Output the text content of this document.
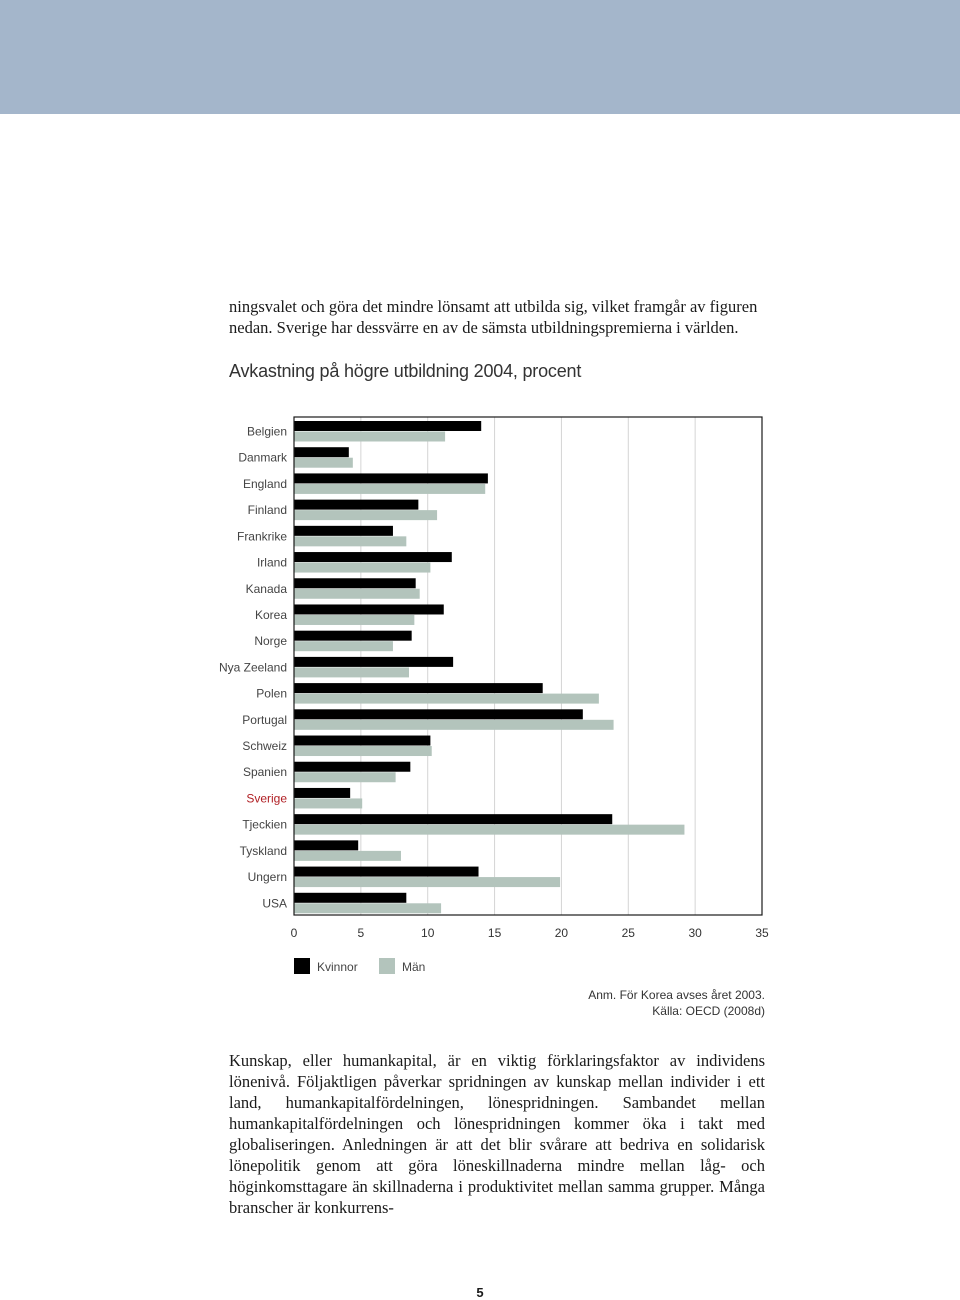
ningsvalet och göra det mindre lönsamt att utbilda sig, vilket framgår av figuren nedan. Sverige har dessvärre en av de sämsta utbildningspremierna i världen.

Avkastning på högre utbildning 2004, procent
Belgien
Danmark
England
Finland
Frankrike
Irland
Kanada
Korea
Norge
Nya Zeeland
Polen
Portugal
Schweiz
Spanien
Sverige
Tjeckien
Tyskland
Ungern
USA
0	5	10	15	20	25	30	35
Kvinnor	Män
Anm. För Korea avses året 2003.
Källa: OECD (2008d)

Kunskap, eller humankapital, är en viktig förklaringsfaktor av individens lönenivå. Följaktligen påverkar spridningen av kunskap mellan individer i ett land, humankapitalfördelningen, lönespridningen. Sambandet mellan humankapitalfördelningen och lönespridningen kommer öka i takt med globaliseringen. Anledningen är att det blir svårare att bedriva en solidarisk lönepolitik genom att göra löneskillnaderna mindre mellan låg- och höginkomsttagare än skillnaderna i produktivitet mellan samma grupper. Många branscher är konkurrens-

5
